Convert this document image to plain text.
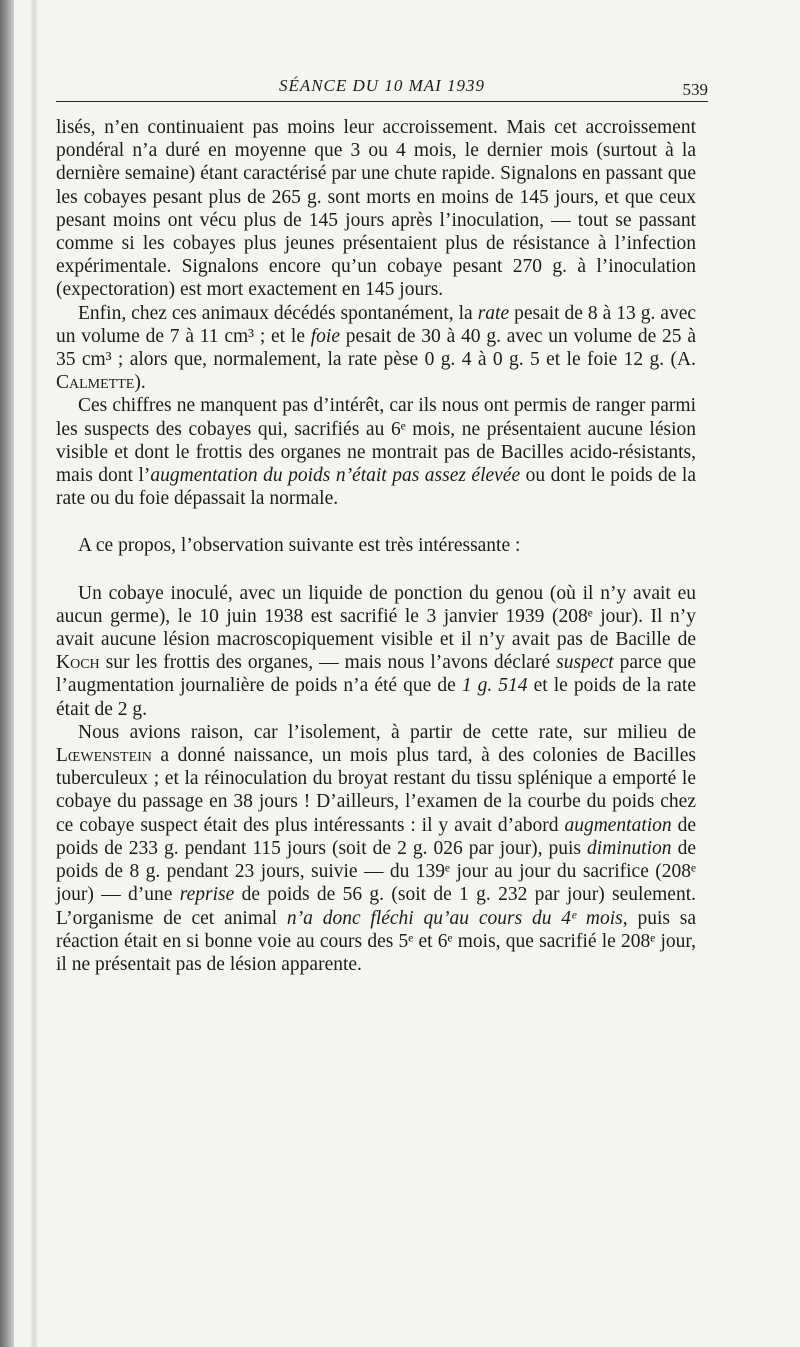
SÉANCE DU 10 MAI 1939	539

lisés, n’en continuaient pas moins leur accroissement. Mais cet accroissement pondéral n’a duré en moyenne que 3 ou 4 mois, le dernier mois (surtout à la dernière semaine) étant caractérisé par une chute rapide. Signalons en passant que les cobayes pesant plus de 265 g. sont morts en moins de 145 jours, et que ceux pesant moins ont vécu plus de 145 jours après l’inoculation, — tout se passant comme si les cobayes plus jeunes présentaient plus de résistance à l’infection expérimentale. Signalons encore qu’un cobaye pesant 270 g. à l’inoculation (expectoration) est mort exactement en 145 jours.

Enfin, chez ces animaux décédés spontanément, la rate pesait de 8 à 13 g. avec un volume de 7 à 11 cm³ ; et le foie pesait de 30 à 40 g. avec un volume de 25 à 35 cm³ ; alors que, normalement, la rate pèse 0 g. 4 à 0 g. 5 et le foie 12 g. (A. Calmette).

Ces chiffres ne manquent pas d’intérêt, car ils nous ont permis de ranger parmi les suspects des cobayes qui, sacrifiés au 6ᵉ mois, ne présentaient aucune lésion visible et dont le frottis des organes ne montrait pas de Bacilles acido-résistants, mais dont l’augmentation du poids n’était pas assez élevée ou dont le poids de la rate ou du foie dépassait la normale.

A ce propos, l’observation suivante est très intéressante :

Un cobaye inoculé, avec un liquide de ponction du genou (où il n’y avait eu aucun germe), le 10 juin 1938 est sacrifié le 3 janvier 1939 (208ᵉ jour). Il n’y avait aucune lésion macroscopiquement visible et il n’y avait pas de Bacille de Koch sur les frottis des organes, — mais nous l’avons déclaré suspect parce que l’augmentation journalière de poids n’a été que de 1 g. 514 et le poids de la rate était de 2 g.

Nous avions raison, car l’isolement, à partir de cette rate, sur milieu de Lœwenstein a donné naissance, un mois plus tard, à des colonies de Bacilles tuberculeux ; et la réinoculation du broyat restant du tissu splénique a emporté le cobaye du passage en 38 jours ! D’ailleurs, l’examen de la courbe du poids chez ce cobaye suspect était des plus intéressants : il y avait d’abord augmentation de poids de 233 g. pendant 115 jours (soit de 2 g. 026 par jour), puis diminution de poids de 8 g. pendant 23 jours, suivie — du 139ᵉ jour au jour du sacrifice (208ᵉ jour) — d’une reprise de poids de 56 g. (soit de 1 g. 232 par jour) seulement. L’organisme de cet animal n’a donc fléchi qu’au cours du 4ᵉ mois, puis sa réaction était en si bonne voie au cours des 5ᵉ et 6ᵉ mois, que sacrifié le 208ᵉ jour, il ne présentait pas de lésion apparente.
